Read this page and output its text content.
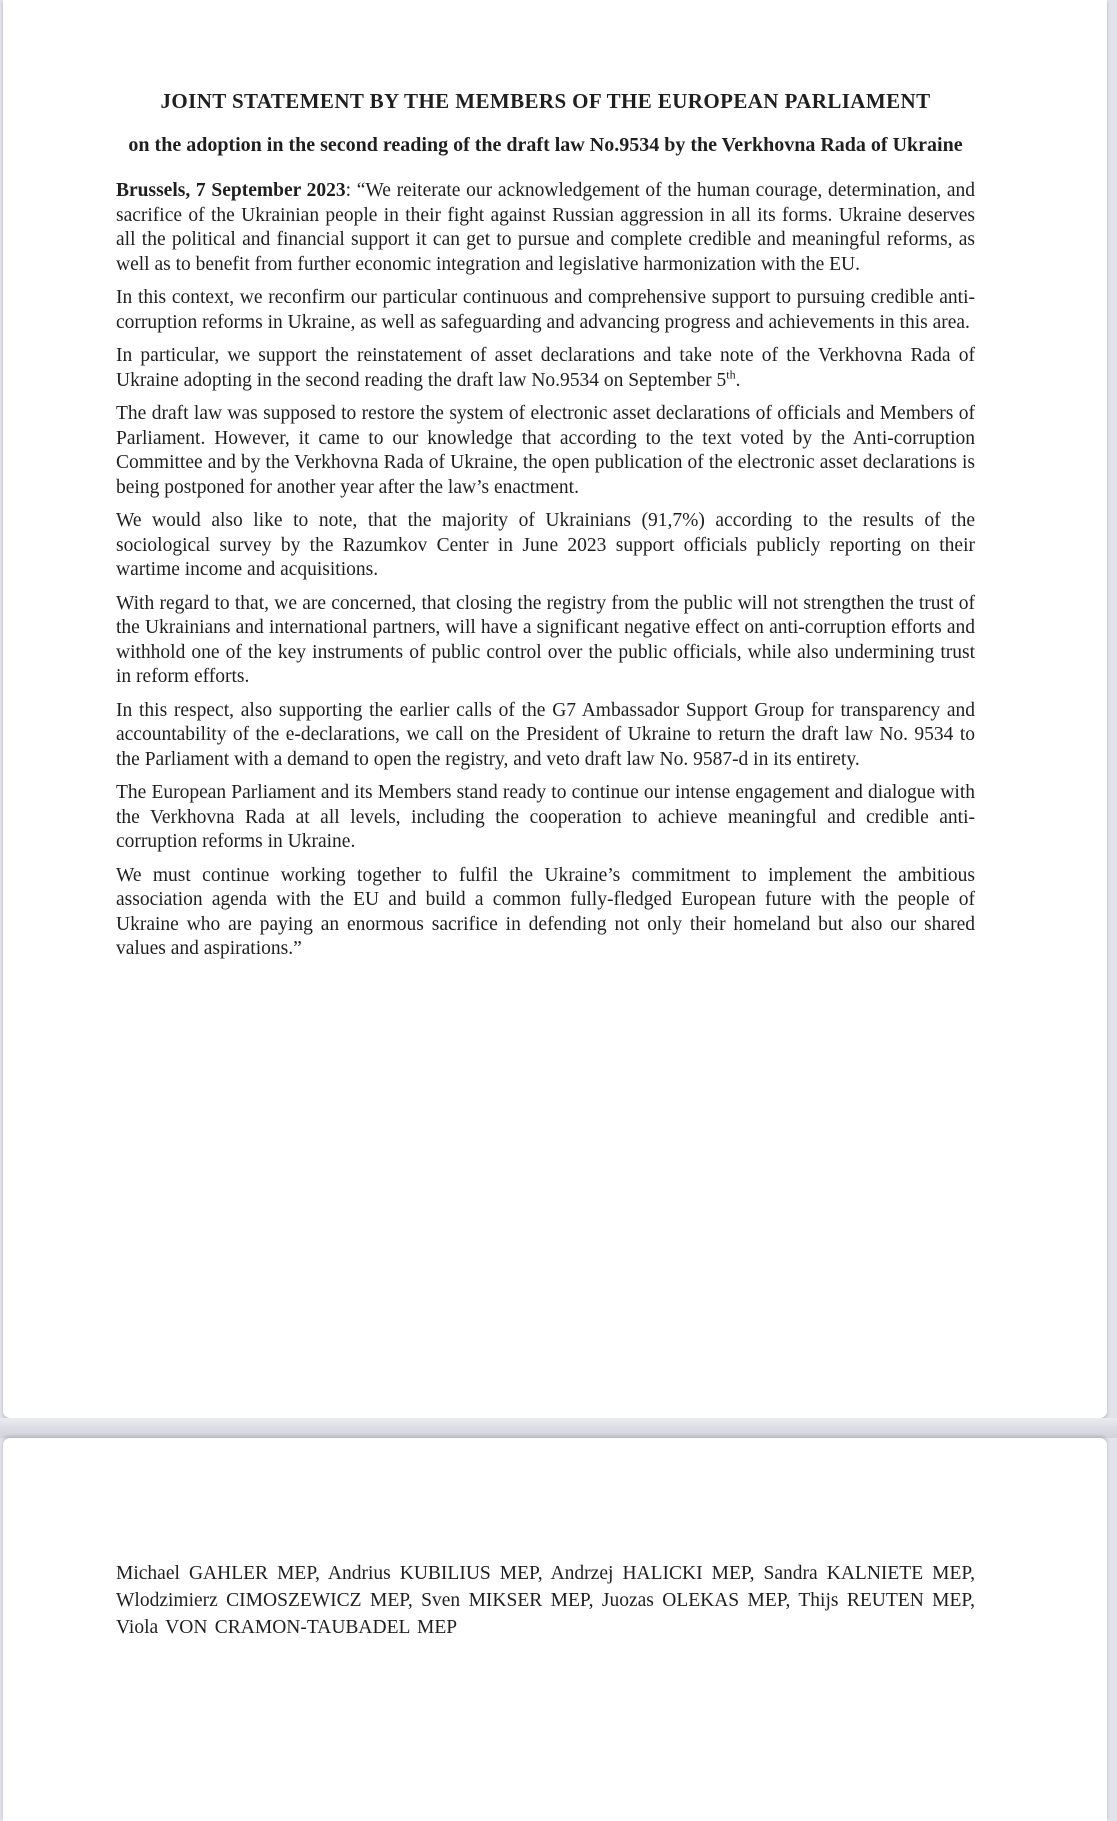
JOINT STATEMENT BY THE MEMBERS OF THE EUROPEAN PARLIAMENT
on the adoption in the second reading of the draft law No.9534 by the Verkhovna Rada of Ukraine

Brussels, 7 September 2023: “We reiterate our acknowledgement of the human courage, determination, and sacrifice of the Ukrainian people in their fight against Russian aggression in all its forms. Ukraine deserves all the political and financial support it can get to pursue and complete credible and meaningful reforms, as well as to benefit from further economic integration and legislative harmonization with the EU.

In this context, we reconfirm our particular continuous and comprehensive support to pursuing credible anti-corruption reforms in Ukraine, as well as safeguarding and advancing progress and achievements in this area.

In particular, we support the reinstatement of asset declarations and take note of the Verkhovna Rada of Ukraine adopting in the second reading the draft law No.9534 on September 5th.

The draft law was supposed to restore the system of electronic asset declarations of officials and Members of Parliament. However, it came to our knowledge that according to the text voted by the Anti-corruption Committee and by the Verkhovna Rada of Ukraine, the open publication of the electronic asset declarations is being postponed for another year after the law’s enactment.

We would also like to note, that the majority of Ukrainians (91,7%) according to the results of the sociological survey by the Razumkov Center in June 2023 support officials publicly reporting on their wartime income and acquisitions.

With regard to that, we are concerned, that closing the registry from the public will not strengthen the trust of the Ukrainians and international partners, will have a significant negative effect on anti-corruption efforts and withhold one of the key instruments of public control over the public officials, while also undermining trust in reform efforts.

In this respect, also supporting the earlier calls of the G7 Ambassador Support Group for transparency and accountability of the e-declarations, we call on the President of Ukraine to return the draft law No. 9534 to the Parliament with a demand to open the registry, and veto draft law No. 9587-d in its entirety.

The European Parliament and its Members stand ready to continue our intense engagement and dialogue with the Verkhovna Rada at all levels, including the cooperation to achieve meaningful and credible anti-corruption reforms in Ukraine.

We must continue working together to fulfil the Ukraine’s commitment to implement the ambitious association agenda with the EU and build a common fully-fledged European future with the people of Ukraine who are paying an enormous sacrifice in defending not only their homeland but also our shared values and aspirations.”

Michael GAHLER MEP, Andrius KUBILIUS MEP, Andrzej HALICKI MEP, Sandra KALNIETE MEP, Wlodzimierz CIMOSZEWICZ MEP, Sven MIKSER MEP, Juozas OLEKAS MEP, Thijs REUTEN MEP, Viola VON CRAMON-TAUBADEL MEP
